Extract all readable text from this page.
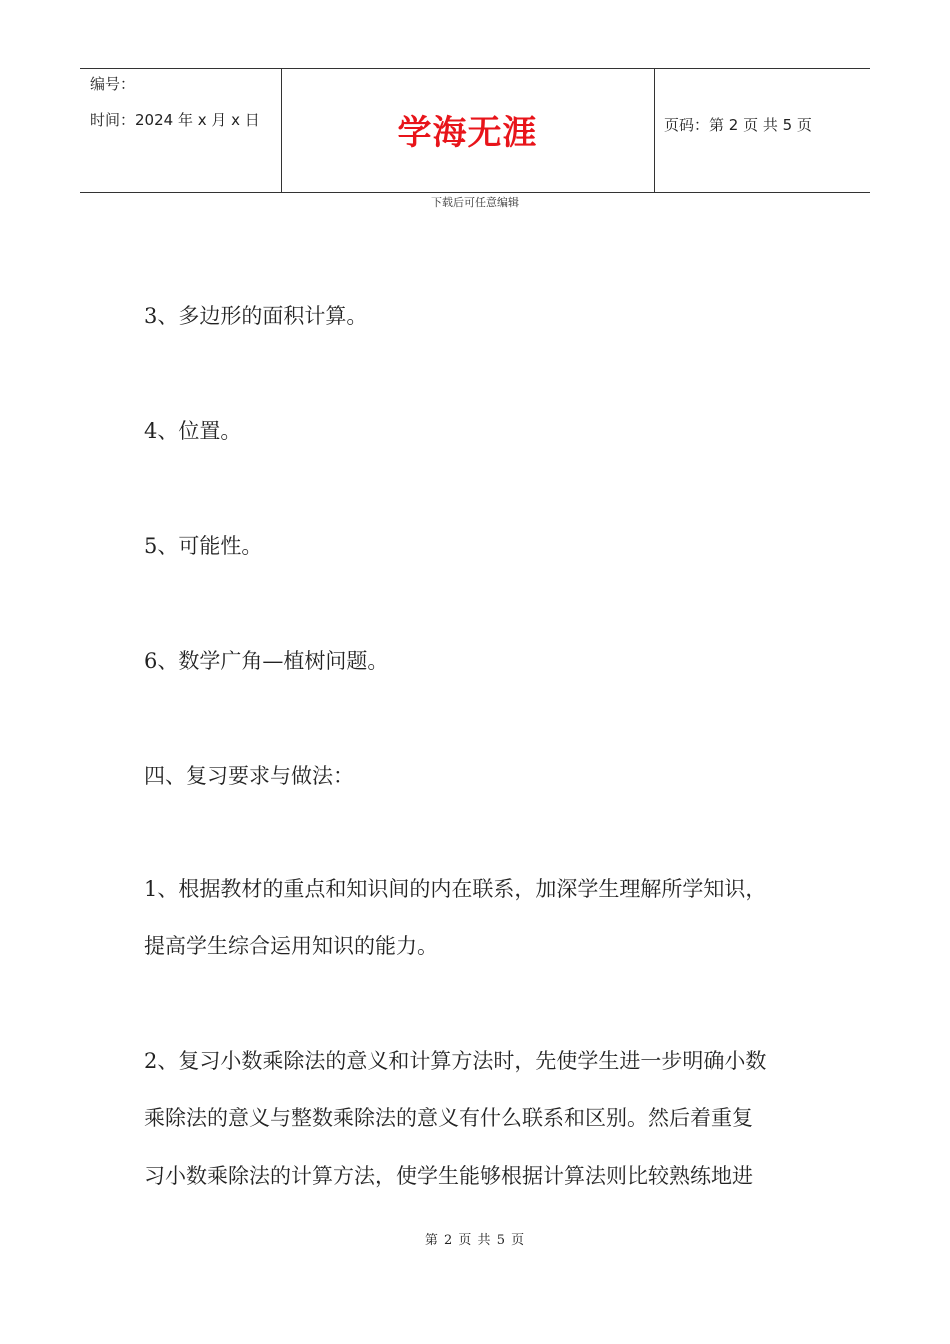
编号：
时间：2024 年 x 月 x 日	学海无涯	页码：第 2 页 共 5 页
下载后可任意编辑
3、多边形的面积计算。
4、位置。
5、可能性。
6、数学广角—植树问题。
四、复习要求与做法：
1、根据教材的重点和知识间的内在联系，加深学生理解所学知识，
提高学生综合运用知识的能力。
2、复习小数乘除法的意义和计算方法时，先使学生进一步明确小数
乘除法的意义与整数乘除法的意义有什么联系和区别。然后着重复
习小数乘除法的计算方法，使学生能够根据计算法则比较熟练地进
第 2 页 共 5 页
